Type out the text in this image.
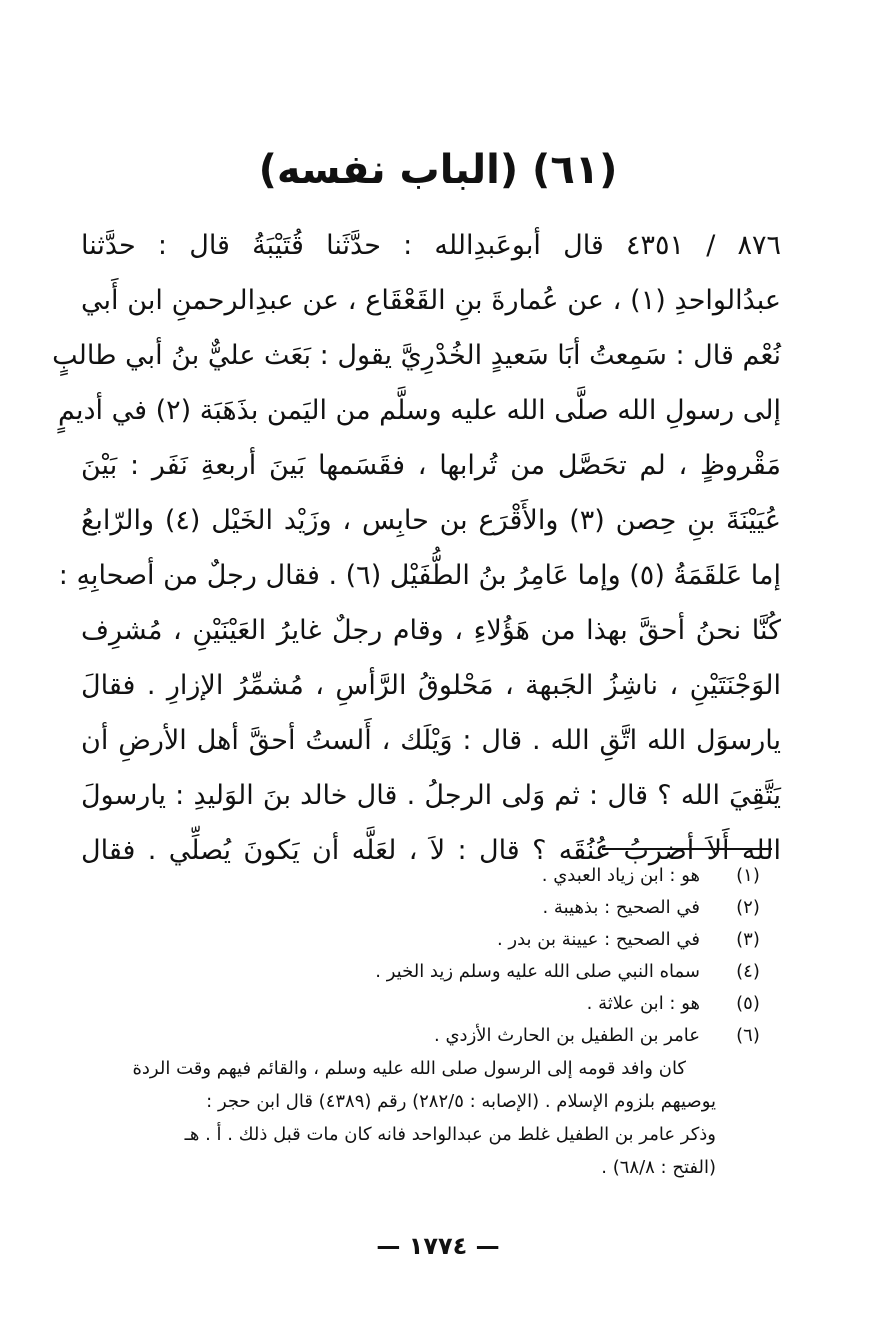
(٦١) (الباب نفسه)
٨٧٦ / ٤٣٥١ قال أبوعَبدِالله : حدَّثَنا قُتَيْبَةُ قال : حدَّثنا
عبدُالواحدِ (١) ، عن عُمارةَ بنِ القَعْقَاع ، عن عبدِالرحمنِ ابن أَبي
نُعْم قال : سَمِعتُ أبَا سَعيدٍ الخُدْرِيَّ يقول : بَعَث عليٌّ بنُ أبي طالبٍ
إلى رسولِ الله صلَّى الله عليه وسلَّم من اليَمن بذَهَبَة (٢) في أديمٍ
مَقْروظٍ ، لم تحَصَّل من تُرابها ، فقَسَمها بَينَ أربعةِ نَفَر : بَيْنَ
عُيَيْنَةَ بنِ حِصن (٣) والأَقْرَع بن حابِس ، وزَيْد الخَيْل (٤) والرّابعُ
إما عَلقَمَةُ (٥) وإما عَامِرُ بنُ الطُّفَيْل (٦) . فقال رجلٌ من أصحابِهِ :
كُنَّا نحنُ أحقَّ بهذا من هَؤُلاءِ ، وقام رجلٌ غايرُ العَيْنَيْنِ ، مُشرِف
الوَجْنَتَيْنِ ، ناشِزُ الجَبهة ، مَحْلوقُ الرَّأسِ ، مُشمِّرُ الإزارِ . فقالَ
يارسوَل الله اتَّقِ الله . قال : وَيْلَك ، أَلستُ أحقَّ أهل الأرضِ أن
يَتَّقِيَ الله ؟ قال : ثم وَلى الرجلُ . قال خالد بنَ الوَليدِ : يارسولَ
الله أَلاَ أضربُ عُنُقَه ؟ قال : لاَ ، لعَلَّه أن يَكونَ يُصلِّي . فقال
(١)
هو : ابن زياد العبدي .
(٢)
في الصحيح : بذهيبة .
(٣)
في الصحيح : عيينة بن بدر .
(٤)
سماه النبي صلى الله عليه وسلم زيد الخير .
(٥)
هو : ابن علاثة .
(٦)
عامر بن الطفيل بن الحارث الأزدي .
كان وافد قومه إلى الرسول صلى الله عليه وسلم ، والقائم فيهم وقت الردة
يوصيهم بلزوم الإسلام . (الإصابه : ٢٨٢/٥) رقم (٤٣٨٩) قال ابن حجر :
وذكر عامر بن الطفيل غلط من عبدالواحد فانه كان مات قبل ذلك . أ . هـ
(الفتح : ٦٨/٨) .
— ١٧٧٤ —
